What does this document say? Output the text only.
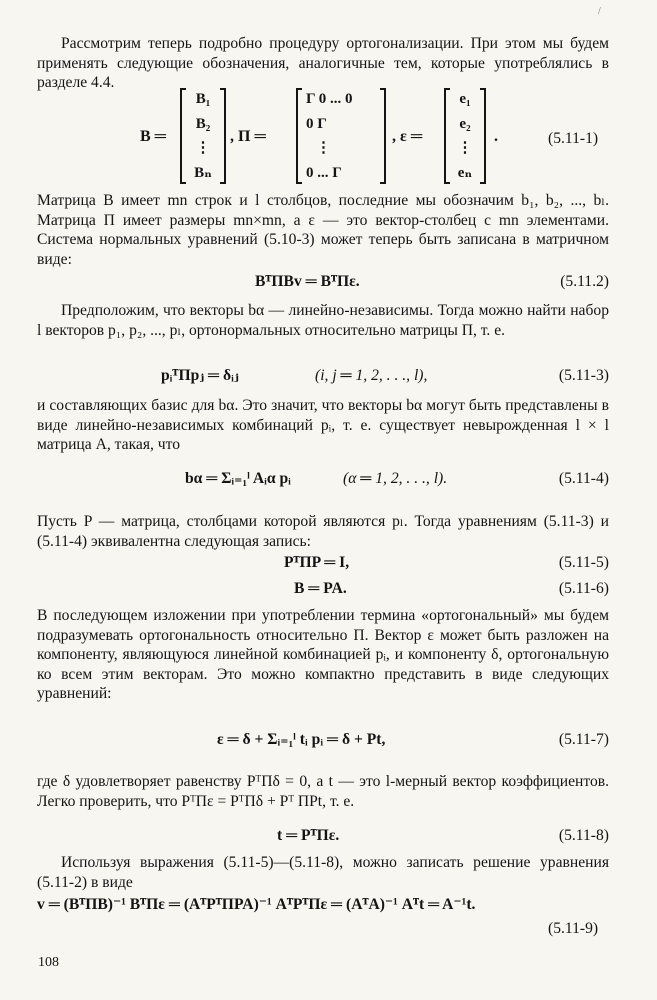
/

Рассмотрим теперь подробно процедуру ортогонализации. При этом мы будем применять следующие обозначения, аналогичные тем, которые употреблялись в разделе 4.4.

B ═
B₁
B₂
⋮
Bₙ
, Π ═
Γ 0 ... 0
0 Γ
⋮
0 ... Γ
, ε ═
e₁
e₂
⋮
eₙ
.	(5.11-1)

Матрица B имеет mn строк и l столбцов, последние мы обозначим b₁, b₂, ..., bₗ. Матрица Π имеет размеры mn×mn, а ε — это вектор-столбец с mn элементами. Система нормальных уравнений (5.10-3) может теперь быть записана в матричном виде:

BᵀΠBv ═ BᵀΠε.	(5.11.2)

Предположим, что векторы bα — линейно-независимы. Тогда можно найти набор l векторов p₁, p₂, ..., pₗ, ортонормальных относительно матрицы Π, т. е.

pᵢᵀΠpⱼ ═ δᵢⱼ	(i, j ═ 1, 2, . . ., l),	(5.11-3)

и составляющих базис для bα. Это значит, что векторы bα могут быть представлены в виде линейно-независимых комбинаций pᵢ, т. е. существует невырожденная l × l матрица A, такая, что

bα ═ Σᵢ₌₁ˡ Aᵢα pᵢ	(α ═ 1, 2, . . ., l).	(5.11-4)

Пусть P — матрица, столбцами которой являются pₗ. Тогда уравнениям (5.11-3) и (5.11-4) эквивалентна следующая запись:

PᵀΠP ═ I,	(5.11-5)
B ═ PA.	(5.11-6)

В последующем изложении при употреблении термина «ортогональный» мы будем подразумевать ортогональность относительно Π. Вектор ε может быть разложен на компоненту, являющуюся линейной комбинацией pᵢ, и компоненту δ, ортогональную ко всем этим векторам. Это можно компактно представить в виде следующих уравнений:

ε ═ δ + Σᵢ₌₁ˡ tᵢ pᵢ ═ δ + Pt,	(5.11-7)

где δ удовлетворяет равенству PᵀΠδ = 0, а t — это l-мерный вектор коэффициентов. Легко проверить, что PᵀΠε = PᵀΠδ + Pᵀ ΠPt, т. е.

t ═ PᵀΠε.	(5.11-8)

Используя выражения (5.11-5)—(5.11-8), можно записать решение уравнения (5.11-2) в виде

v ═ (BᵀΠB)⁻¹ BᵀΠε ═ (AᵀPᵀΠPA)⁻¹ AᵀPᵀΠε ═ (AᵀA)⁻¹ Aᵀt ═ A⁻¹t.
(5.11-9)
108
